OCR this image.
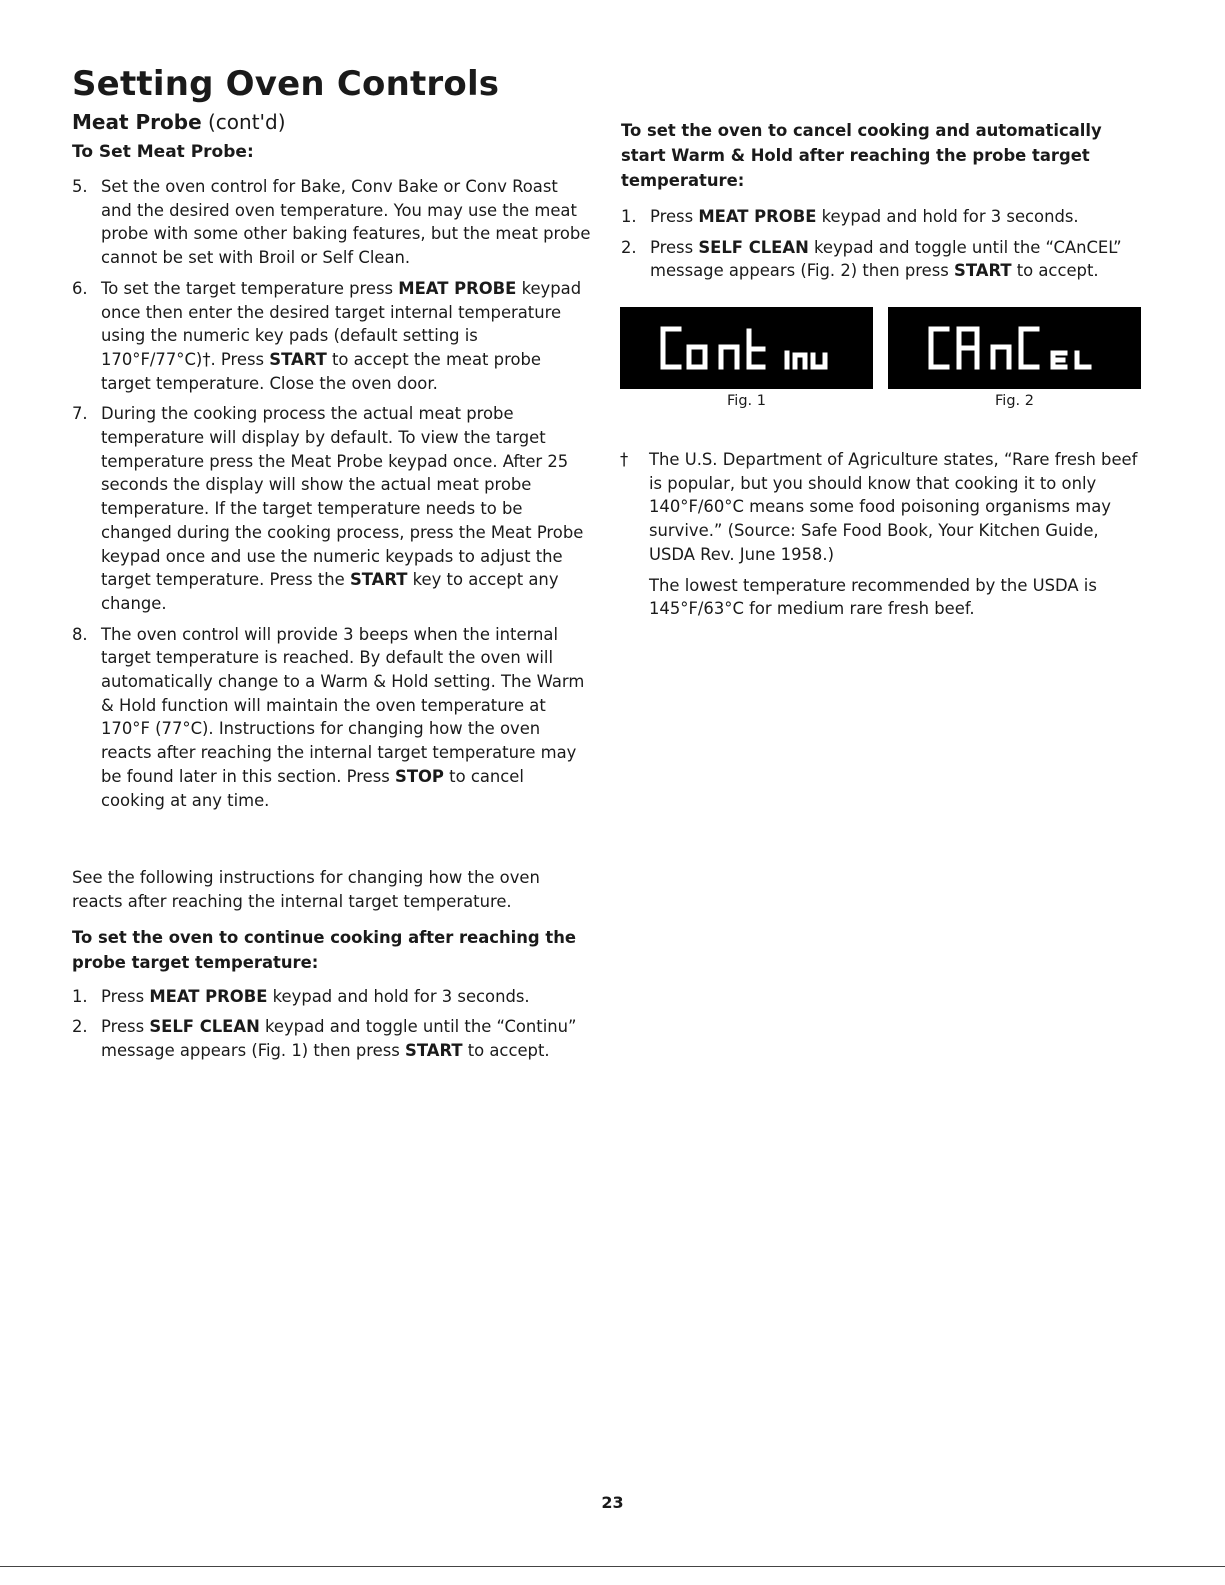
Setting Oven Controls
Meat Probe (cont'd)
To Set Meat Probe:
5. Set the oven control for Bake, Conv Bake or Conv Roast and the desired oven temperature. You may use the meat probe with some other baking features, but the meat probe cannot be set with Broil or Self Clean.
6. To set the target temperature press MEAT PROBE keypad once then enter the desired target internal temperature using the numeric key pads (default setting is 170°F/77°C)†. Press START to accept the meat probe target temperature. Close the oven door.
7. During the cooking process the actual meat probe temperature will display by default. To view the target temperature press the Meat Probe keypad once. After 25 seconds the display will show the actual meat probe temperature. If the target temperature needs to be changed during the cooking process, press the Meat Probe keypad once and use the numeric keypads to adjust the target temperature. Press the START key to accept any change.
8. The oven control will provide 3 beeps when the internal target temperature is reached. By default the oven will automatically change to a Warm & Hold setting. The Warm & Hold function will maintain the oven temperature at 170°F (77°C). Instructions for changing how the oven reacts after reaching the internal target temperature may be found later in this section. Press STOP to cancel cooking at any time.

See the following instructions for changing how the oven reacts after reaching the internal target temperature.

To set the oven to continue cooking after reaching the probe target temperature:
1. Press MEAT PROBE keypad and hold for 3 seconds.
2. Press SELF CLEAN keypad and toggle until the “Continu” message appears (Fig. 1) then press START to accept.
To set the oven to cancel cooking and automatically start Warm & Hold after reaching the probe target temperature:
1. Press MEAT PROBE keypad and hold for 3 seconds.
2. Press SELF CLEAN keypad and toggle until the “CAnCEL” message appears (Fig. 2) then press START to accept.
Fig. 1	Fig. 2
† The U.S. Department of Agriculture states, “Rare fresh beef is popular, but you should know that cooking it to only 140°F/60°C means some food poisoning organisms may survive.” (Source: Safe Food Book, Your Kitchen Guide, USDA Rev. June 1958.)
The lowest temperature recommended by the USDA is 145°F/63°C for medium rare fresh beef.
23
